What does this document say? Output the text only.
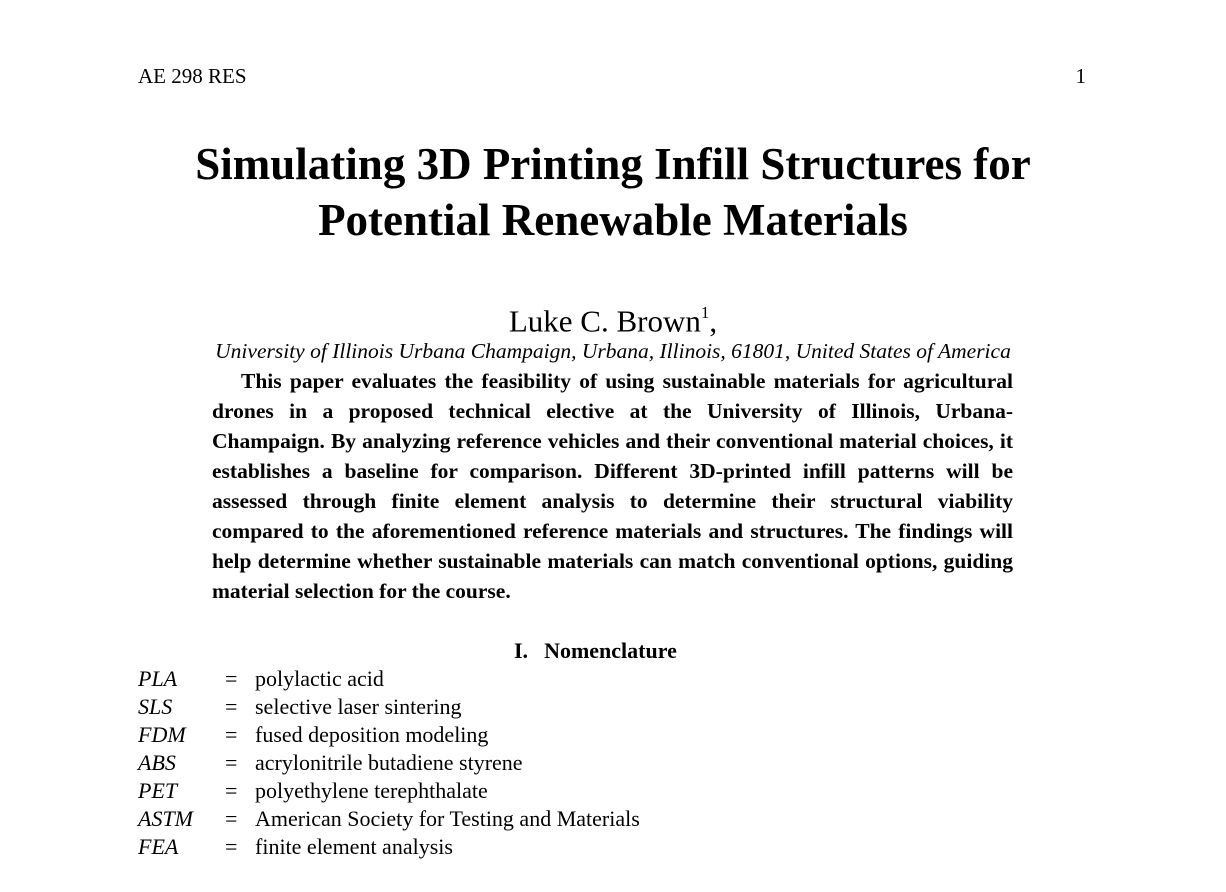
AE 298 RES	1
Simulating 3D Printing Infill Structures for
Potential Renewable Materials
Luke C. Brown$^1$,
University of Illinois Urbana Champaign, Urbana, Illinois, 61801, United States of America
This paper evaluates the feasibility of using sustainable materials for agricultural drones in a proposed technical elective at the University of Illinois, Urbana-Champaign. By analyzing reference vehicles and their conventional material choices, it establishes a baseline for comparison. Different 3D-printed infill patterns will be assessed through finite element analysis to determine their structural viability compared to the aforementioned reference materials and structures. The findings will help determine whether sustainable materials can match conventional options, guiding material selection for the course.
I. Nomenclature
PLA = polylactic acid
SLS = selective laser sintering
FDM = fused deposition modeling
ABS = acrylonitrile butadiene styrene
PET = polyethylene terephthalate
ASTM = American Society for Testing and Materials
FEA = finite element analysis
